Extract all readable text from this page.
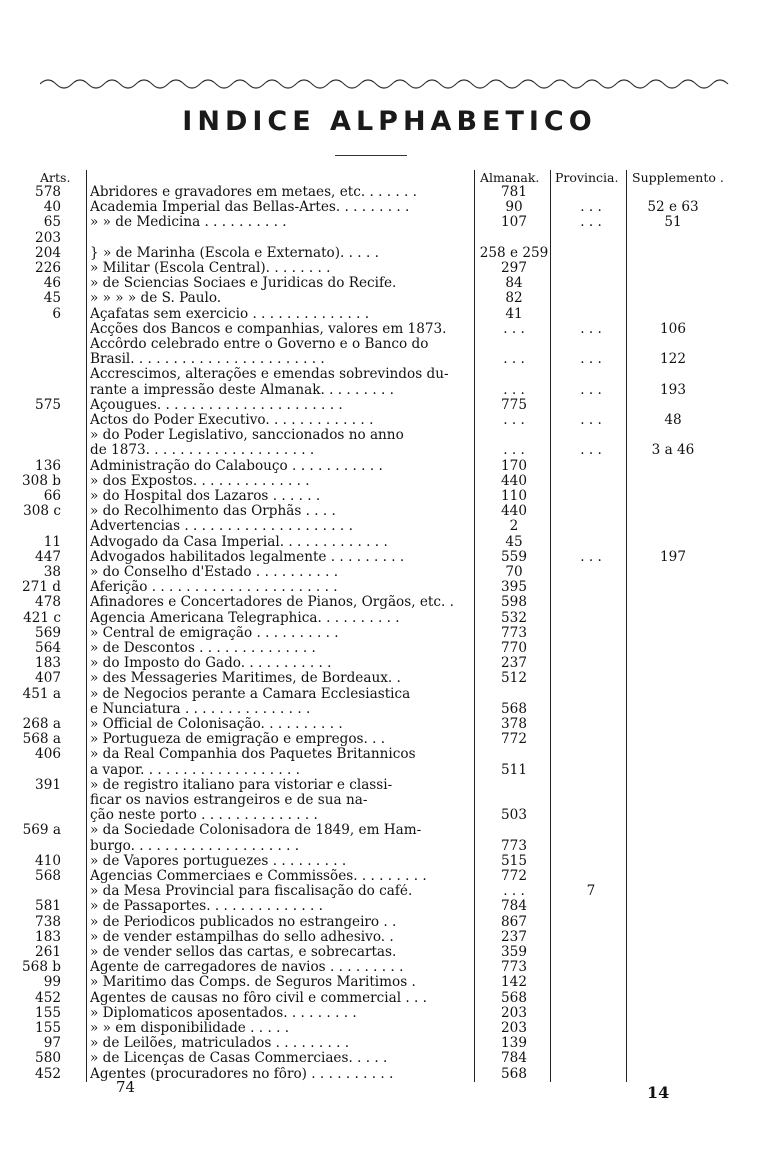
INDICE ALPHABETICO
Arts.	Almanak. Provincia. Supplemento .
578 Abridores e gravadores em metaes, etc. . . . . . .	781
40 Academia Imperial das Bellas-Artes. . . . . . . . .	90	. . .	52 e 63
65 » » de Medicina . . . . . . . . . .	107	. . .	51
203
204 } » de Marinha (Escola e Externato). . . . .	258 e 259
226 » Militar (Escola Central). . . . . . . .	297
46 » de Sciencias Sociaes e Juridicas do Recife.	84
45 » » » » de S. Paulo.	82
6 Açafatas sem exercicio . . . . . . . . . . . . . .	41
Acções dos Bancos e companhias, valores em 1873.	. . .	. . .	106
Accôrdo celebrado entre o Governo e o Banco do
Brasil. . . . . . . . . . . . . . . . . . . . . . .	. . .	. . .	122
Accrescimos, alterações e emendas sobrevindos du-
rante a impressão deste Almanak. . . . . . . . .	. . .	. . .	193
575 Açougues. . . . . . . . . . . . . . . . . . . . . .	775
Actos do Poder Executivo. . . . . . . . . . . . .	. . .	. . .	48
» do Poder Legislativo, sanccionados no anno
de 1873. . . . . . . . . . . . . . . . . . . .	. . .	. . .	3 a 46
136 Administração do Calabouço . . . . . . . . . . .	170
308 b » dos Expostos. . . . . . . . . . . . . .	440
66 » do Hospital dos Lazaros . . . . . .	110
308 c » do Recolhimento das Orphãs . . . .	440
Advertencias . . . . . . . . . . . . . . . . . . . .	2
11 Advogado da Casa Imperial. . . . . . . . . . . . .	45
447 Advogados habilitados legalmente . . . . . . . . .	559	. . .	197
38 » do Conselho d'Estado . . . . . . . . . .	70
271 d Aferição . . . . . . . . . . . . . . . . . . . . . .	395
478 Afinadores e Concertadores de Pianos, Orgãos, etc. .	598
421 c Agencia Americana Telegraphica. . . . . . . . . .	532
569 » Central de emigração . . . . . . . . . .	773
564 » de Descontos . . . . . . . . . . . . . .	770
183 » do Imposto do Gado. . . . . . . . . . .	237
407 » des Messageries Maritimes, de Bordeaux. .	512
451 a » de Negocios perante a Camara Ecclesiastica
e Nunciatura . . . . . . . . . . . . . . .	568
268 a » Official de Colonisação. . . . . . . . . .	378
568 a » Portugueza de emigração e empregos. . .	772
406 » da Real Companhia dos Paquetes Britannicos
a vapor. . . . . . . . . . . . . . . . . . .	511
391 » de registro italiano para vistoriar e classi-
ficar os navios estrangeiros e de sua na-
ção neste porto . . . . . . . . . . . . . .	503
569 a » da Sociedade Colonisadora de 1849, em Ham-
burgo. . . . . . . . . . . . . . . . . . . .	773
410 » de Vapores portuguezes . . . . . . . . .	515
568 Agencias Commerciaes e Commissões. . . . . . . . .	772
» da Mesa Provincial para fiscalisação do café.	. . .	7
581 » de Passaportes. . . . . . . . . . . . . .	784
738 » de Periodicos publicados no estrangeiro . .	867
183 » de vender estampilhas do sello adhesivo. .	237
261 » de vender sellos das cartas, e sobrecartas.	359
568 b Agente de carregadores de navios . . . . . . . . .	773
99 » Maritimo das Comps. de Seguros Maritimos .	142
452 Agentes de causas no fôro civil e commercial . . .	568
155 » Diplomaticos aposentados. . . . . . . . .	203
155 » » em disponibilidade . . . . .	203
97 » de Leilões, matriculados . . . . . . . . .	139
580 » de Licenças de Casas Commerciaes. . . . .	784
452 Agentes (procuradores no fôro) . . . . . . . . . .	568
74	14
